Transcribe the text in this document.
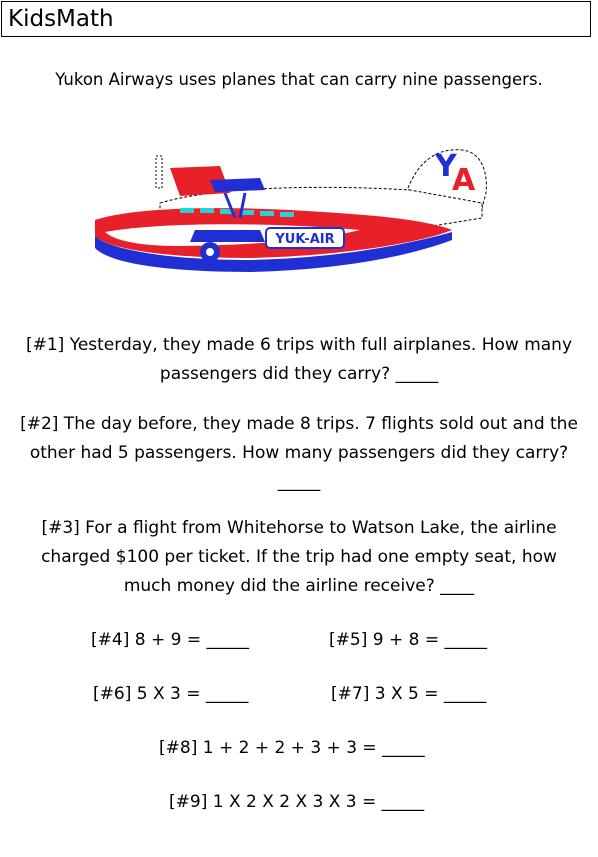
KidsMath
Yukon Airways uses planes that can carry nine passengers.
YUK-AIR
Y
A
[#1] Yesterday, they made 6 trips with full airplanes. How many passengers did they carry? _____
[#2] The day before, they made 8 trips. 7 flights sold out and the other had 5 passengers. How many passengers did they carry? _____
[#3] For a flight from Whitehorse to Watson Lake, the airline charged $100 per ticket. If the trip had one empty seat, how much money did the airline receive? ____
[#4] 8 + 9 = _____	[#5] 9 + 8 = _____
[#6] 5 X 3 = _____	[#7] 3 X 5 = _____
[#8] 1 + 2 + 2 + 3 + 3 = _____
[#9] 1 X 2 X 2 X 3 X 3 = _____
